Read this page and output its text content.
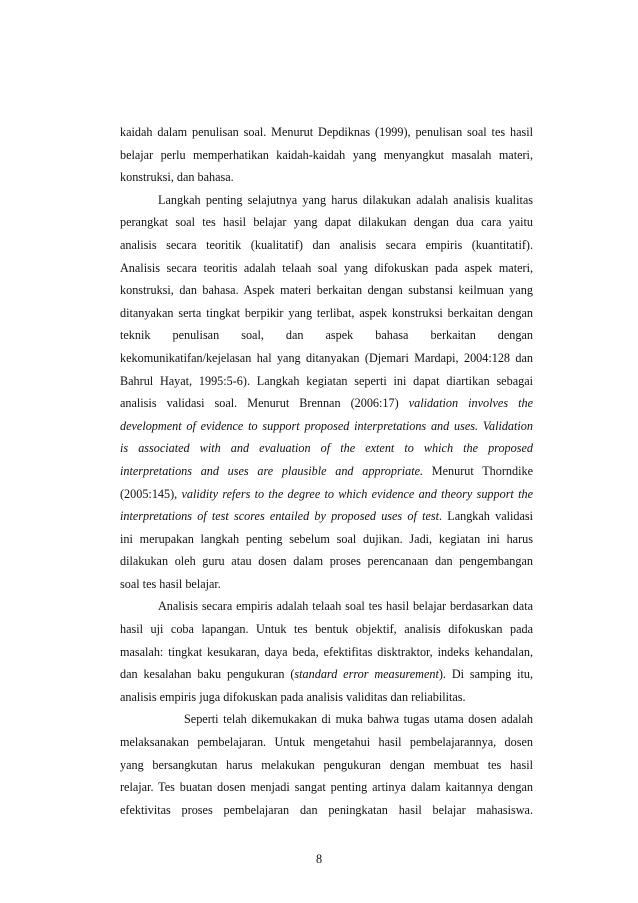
kaidah dalam penulisan soal. Menurut Depdiknas (1999), penulisan soal tes hasil
belajar perlu memperhatikan kaidah-kaidah yang menyangkut masalah materi,
konstruksi, dan bahasa.
Langkah penting selajutnya yang harus dilakukan adalah analisis kualitas
perangkat soal tes hasil belajar yang dapat dilakukan dengan dua cara yaitu
analisis secara teoritik (kualitatif) dan analisis secara empiris (kuantitatif).
Analisis secara teoritis adalah telaah soal yang difokuskan pada aspek materi,
konstruksi, dan bahasa. Aspek materi berkaitan dengan substansi keilmuan yang
ditanyakan serta tingkat berpikir yang terlibat, aspek konstruksi berkaitan dengan
teknik penulisan soal, dan aspek bahasa berkaitan dengan
kekomunikatifan/kejelasan hal yang ditanyakan (Djemari Mardapi, 2004:128 dan
Bahrul Hayat, 1995:5-6). Langkah kegiatan seperti ini dapat diartikan sebagai
analisis validasi soal. Menurut Brennan (2006:17) validation involves the
development of evidence to support proposed interpretations and uses. Validation
is associated with and evaluation of the extent to which the proposed
interpretations and uses are plausible and appropriate. Menurut Thorndike
(2005:145), validity refers to the degree to which evidence and theory support the
interpretations of test scores entailed by proposed uses of test. Langkah validasi
ini merupakan langkah penting sebelum soal dujikan. Jadi, kegiatan ini harus
dilakukan oleh guru atau dosen dalam proses perencanaan dan pengembangan
soal tes hasil belajar.
Analisis secara empiris adalah telaah soal tes hasil belajar berdasarkan data
hasil uji coba lapangan. Untuk tes bentuk objektif, analisis difokuskan pada
masalah: tingkat kesukaran, daya beda, efektifitas disktraktor, indeks kehandalan,
dan kesalahan baku pengukuran (standard error measurement). Di samping itu,
analisis empiris juga difokuskan pada analisis validitas dan reliabilitas.
Seperti telah dikemukakan di muka bahwa tugas utama dosen adalah
melaksanakan pembelajaran. Untuk mengetahui hasil pembelajarannya, dosen
yang bersangkutan harus melakukan pengukuran dengan membuat tes hasil
relajar. Tes buatan dosen menjadi sangat penting artinya dalam kaitannya dengan
efektivitas proses pembelajaran dan peningkatan hasil belajar mahasiswa.
8
